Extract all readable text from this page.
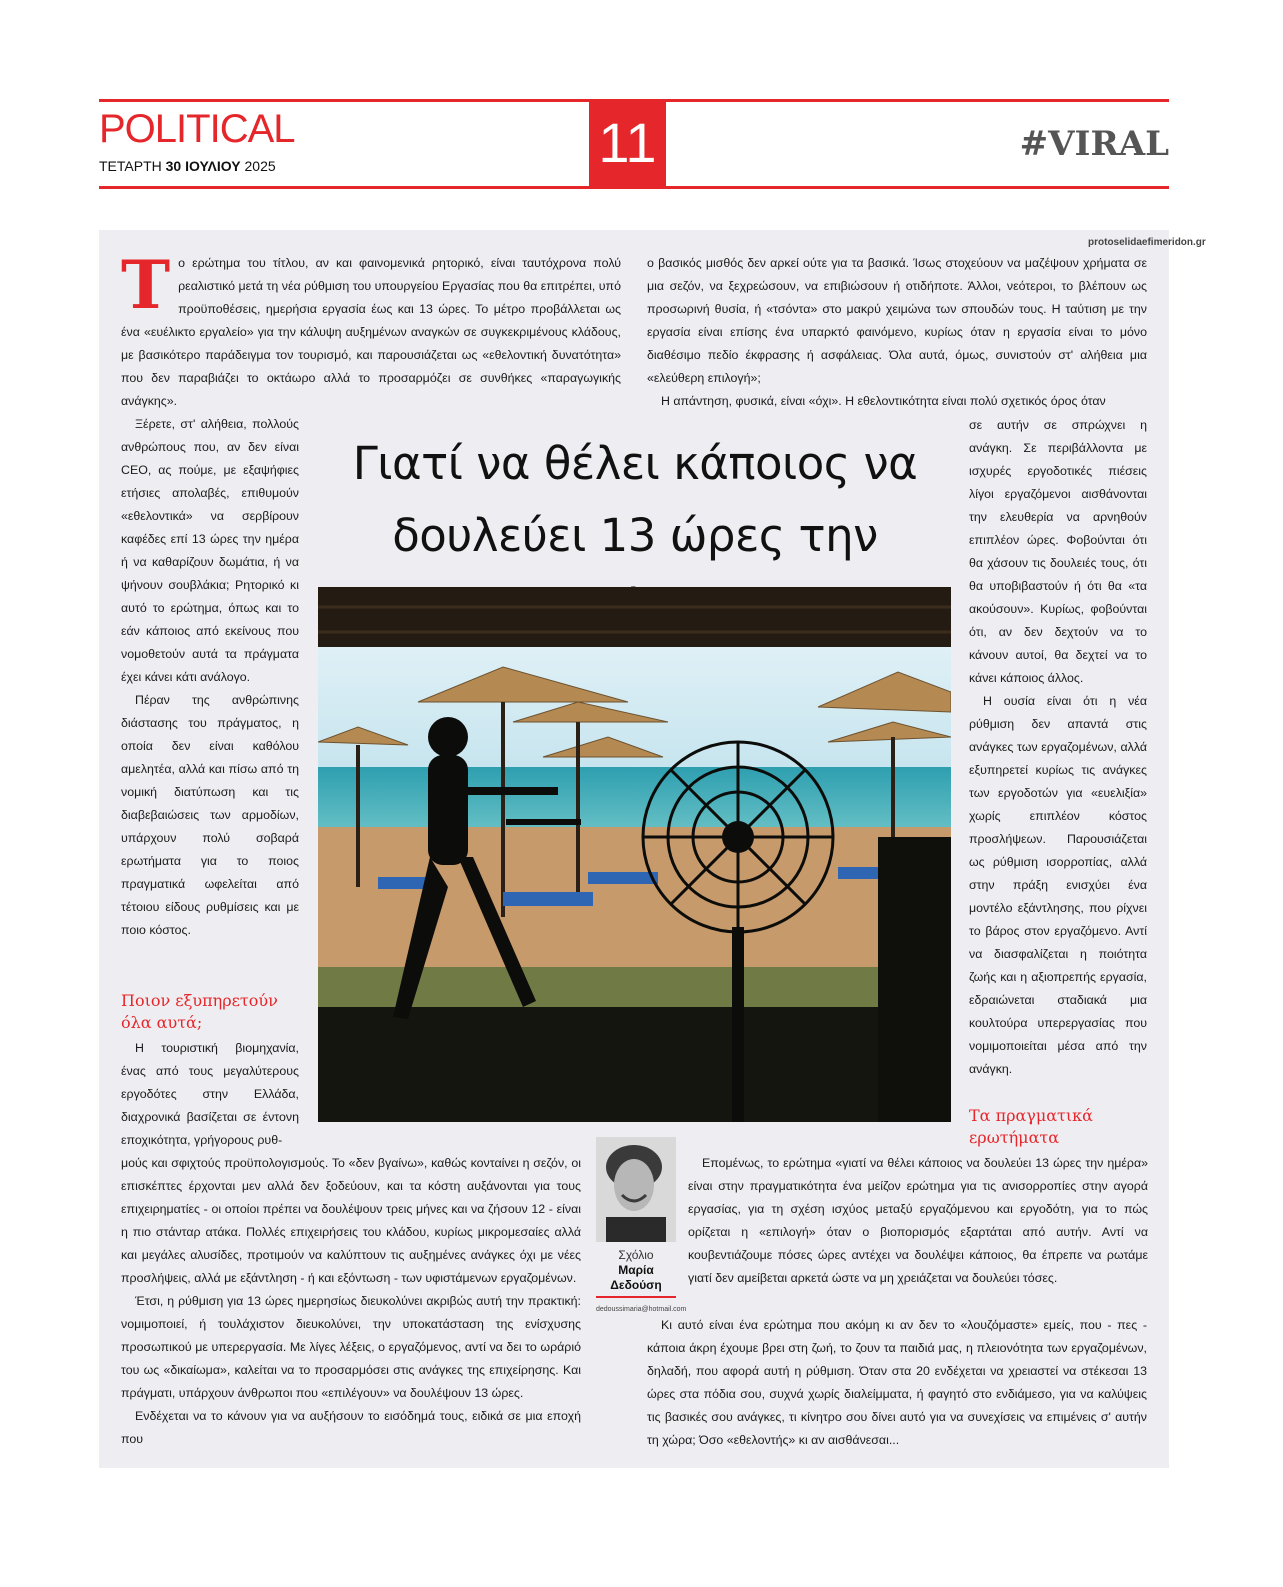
POLITICAL
ΤΕΤΑΡΤΗ 30 ΙΟΥΛΙΟΥ 2025	11	#VIRAL
protoselidaefimeridon.gr

Το ερώτημα του τίτλου, αν και φαινομενικά ρητορικό, είναι ταυτόχρονα πολύ ρεαλιστικό μετά τη νέα ρύθμιση του υπουργείου Εργασίας που θα επιτρέπει, υπό προϋποθέσεις, ημερήσια εργασία έως και 13 ώρες. Το μέτρο προβάλλεται ως ένα «ευέλικτο εργαλείο» για την κάλυψη αυξημένων αναγκών σε συγκεκριμένους κλάδους, με βασικότερο παράδειγμα τον τουρισμό, και παρουσιάζεται ως «εθελοντική δυνατότητα» που δεν παραβιάζει το οκτάωρο αλλά το προσαρμόζει σε συνθήκες «παραγωγικής ανάγκης».

Ξέρετε, στ' αλήθεια, πολλούς ανθρώπους που, αν δεν είναι CEO, ας πούμε, με εξαψήφιες ετήσιες απολαβές, επιθυμούν «εθελοντικά» να σερβίρουν καφέδες επί 13 ώρες την ημέρα ή να καθαρίζουν δωμάτια, ή να ψήνουν σουβλάκια; Ρητορικό κι αυτό το ερώτημα, όπως και το εάν κάποιος από εκείνους που νομοθετούν αυτά τα πράγματα έχει κάνει κάτι ανάλογο.

Πέραν της ανθρώπινης διάστασης του πράγματος, η οποία δεν είναι καθόλου αμελητέα, αλλά και πίσω από τη νομική διατύπωση και τις διαβεβαιώσεις των αρμοδίων, υπάρχουν πολύ σοβαρά ερωτήματα για το ποιος πραγματικά ωφελείται από τέτοιου είδους ρυθμίσεις και με ποιο κόστος.

Ποιον εξυπηρετούν όλα αυτά;

Η τουριστική βιομηχανία, ένας από τους μεγαλύτερους εργοδότες στην Ελλάδα, διαχρονικά βασίζεται σε έντονη εποχικότητα, γρήγορους ρυθ-

μούς και σφιχτούς προϋπολογισμούς. Το «δεν βγαίνω», καθώς κονταίνει η σεζόν, οι επισκέπτες έρχονται μεν αλλά δεν ξοδεύουν, και τα κόστη αυξάνονται για τους επιχειρηματίες - οι οποίοι πρέπει να δουλέψουν τρεις μήνες και να ζήσουν 12 - είναι η πιο στάνταρ ατάκα. Πολλές επιχειρήσεις του κλάδου, κυρίως μικρομεσαίες αλλά και μεγάλες αλυσίδες, προτιμούν να καλύπτουν τις αυξημένες ανάγκες όχι με νέες προσλήψεις, αλλά με εξάντληση - ή και εξόντωση - των υφιστάμενων εργαζομένων.

Έτσι, η ρύθμιση για 13 ώρες ημερησίως διευκολύνει ακριβώς αυτή την πρακτική: νομιμοποιεί, ή τουλάχιστον διευκολύνει, την υποκατάσταση της ενίσχυσης προσωπικού με υπερεργασία. Με λίγες λέξεις, ο εργαζόμενος, αντί να δει το ωράριό του ως «δικαίωμα», καλείται να το προσαρμόσει στις ανάγκες της επιχείρησης. Και πράγματι, υπάρχουν άνθρωποι που «επιλέγουν» να δουλέψουν 13 ώρες.

Ενδέχεται να το κάνουν για να αυξήσουν το εισόδημά τους, ειδικά σε μια εποχή που

ο βασικός μισθός δεν αρκεί ούτε για τα βασικά. Ίσως στοχεύουν να μαζέψουν χρήματα σε μια σεζόν, να ξεχρεώσουν, να επιβιώσουν ή οτιδήποτε. Άλλοι, νεότεροι, το βλέπουν ως προσωρινή θυσία, ή «τσόντα» στο μακρύ χειμώνα των σπουδών τους. Η ταύτιση με την εργασία είναι επίσης ένα υπαρκτό φαινόμενο, κυρίως όταν η εργασία είναι το μόνο διαθέσιμο πεδίο έκφρασης ή ασφάλειας. Όλα αυτά, όμως, συνιστούν στ' αλήθεια μια «ελεύθερη επιλογή»;

Η απάντηση, φυσικά, είναι «όχι». Η εθελοντικότητα είναι πολύ σχετικός όρος όταν

σε αυτήν σε σπρώχνει η ανάγκη. Σε περιβάλλοντα με ισχυρές εργοδοτικές πιέσεις λίγοι εργαζόμενοι αισθάνονται την ελευθερία να αρνηθούν επιπλέον ώρες. Φοβούνται ότι θα χάσουν τις δουλειές τους, ότι θα υποβιβαστούν ή ότι θα «τα ακούσουν». Κυρίως, φοβούνται ότι, αν δεν δεχτούν να το κάνουν αυτοί, θα δεχτεί να το κάνει κάποιος άλλος.

Η ουσία είναι ότι η νέα ρύθμιση δεν απαντά στις ανάγκες των εργαζομένων, αλλά εξυπηρετεί κυρίως τις ανάγκες των εργοδοτών για «ευελιξία» χωρίς επιπλέον κόστος προσλήψεων. Παρουσιάζεται ως ρύθμιση ισορροπίας, αλλά στην πράξη ενισχύει ένα μοντέλο εξάντλησης, που ρίχνει το βάρος στον εργαζόμενο. Αντί να διασφαλίζεται η ποιότητα ζωής και η αξιοπρεπής εργασία, εδραιώνεται σταδιακά μια κουλτούρα υπερεργασίας που νομιμοποιείται μέσα από την ανάγκη.

Τα πραγματικά ερωτήματα

Επομένως, το ερώτημα «γιατί να θέλει κάποιος να δουλεύει 13 ώρες την ημέρα» είναι στην πραγματικότητα ένα μείζον ερώτημα για τις ανισορροπίες στην αγορά εργασίας, για τη σχέση ισχύος μεταξύ εργαζόμενου και εργοδότη, για το πώς ορίζεται η «επιλογή» όταν ο βιοπορισμός εξαρτάται από αυτήν. Αντί να κουβεντιάζουμε πόσες ώρες αντέχει να δουλέψει κάποιος, θα έπρεπε να ρωτάμε γιατί δεν αμείβεται αρκετά ώστε να μη χρειάζεται να δουλεύει τόσες.

Κι αυτό είναι ένα ερώτημα που ακόμη κι αν δεν το «λουζόμαστε» εμείς, που - πες - κάποια άκρη έχουμε βρει στη ζωή, το ζουν τα παιδιά μας, η πλειονότητα των εργαζομένων, δηλαδή, που αφορά αυτή η ρύθμιση. Όταν στα 20 ενδέχεται να χρειαστεί να στέκεσαι 13 ώρες στα πόδια σου, συχνά χωρίς διαλείμματα, ή φαγητό στο ενδιάμεσο, για να καλύψεις τις βασικές σου ανάγκες, τι κίνητρο σου δίνει αυτό για να συνεχίσεις να επιμένεις σ' αυτήν τη χώρα; Όσο «εθελοντής» κι αν αισθάνεσαι...

Γιατί να θέλει κάποιος να δουλεύει 13 ώρες την
Σχόλιο
Μαρία Δεδούση
dedoussimaria@hotmail.com
